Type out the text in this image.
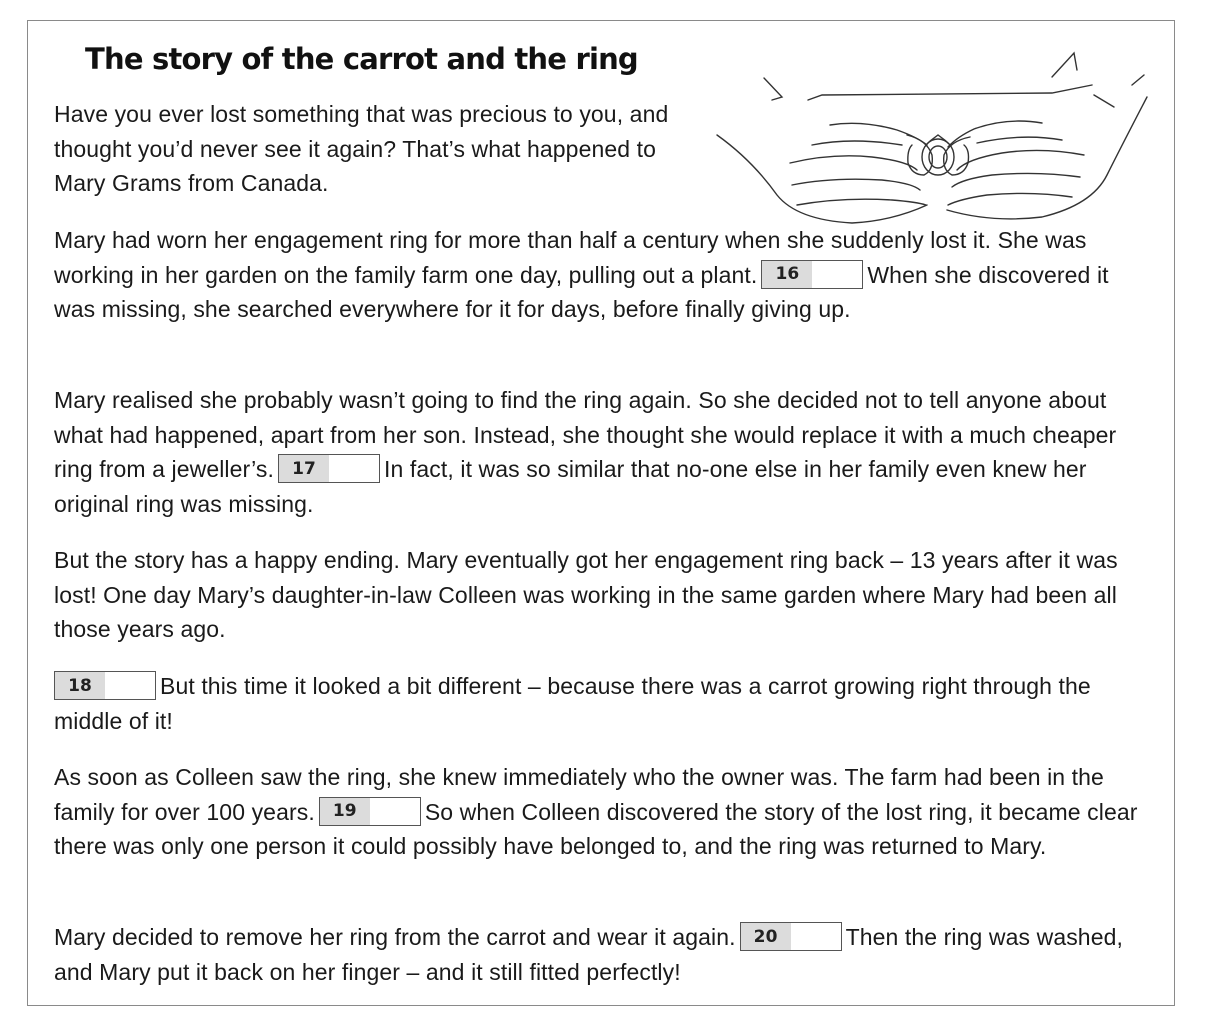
The story of the carrot and the ring

Have you ever lost something that was precious to you, and thought you’d never see it again? That’s what happened to Mary Grams from Canada.

Mary had worn her engagement ring for more than half a century when she suddenly lost it. She was working in her garden on the family farm one day, pulling out a plant.	16	When she discovered it was missing, she searched everywhere for it for days, before finally giving up.

Mary realised she probably wasn’t going to find the ring again. So she decided not to tell anyone about what had happened, apart from her son. Instead, she thought she would replace it with a much cheaper ring from a jeweller’s.	17	In fact, it was so similar that no-one else in her family even knew her original ring was missing.

But the story has a happy ending. Mary eventually got her engagement ring back – 13 years after it was lost! One day Mary’s daughter-in-law Colleen was working in the same garden where Mary had been all those years ago.

18	But this time it looked a bit different – because there was a carrot growing right through the middle of it!

As soon as Colleen saw the ring, she knew immediately who the owner was. The farm had been in the family for over 100 years.	19	So when Colleen discovered the story of the lost ring, it became clear there was only one person it could possibly have belonged to, and the ring was returned to Mary.

Mary decided to remove her ring from the carrot and wear it again.	20	Then the ring was washed, and Mary put it back on her finger – and it still fitted perfectly!
